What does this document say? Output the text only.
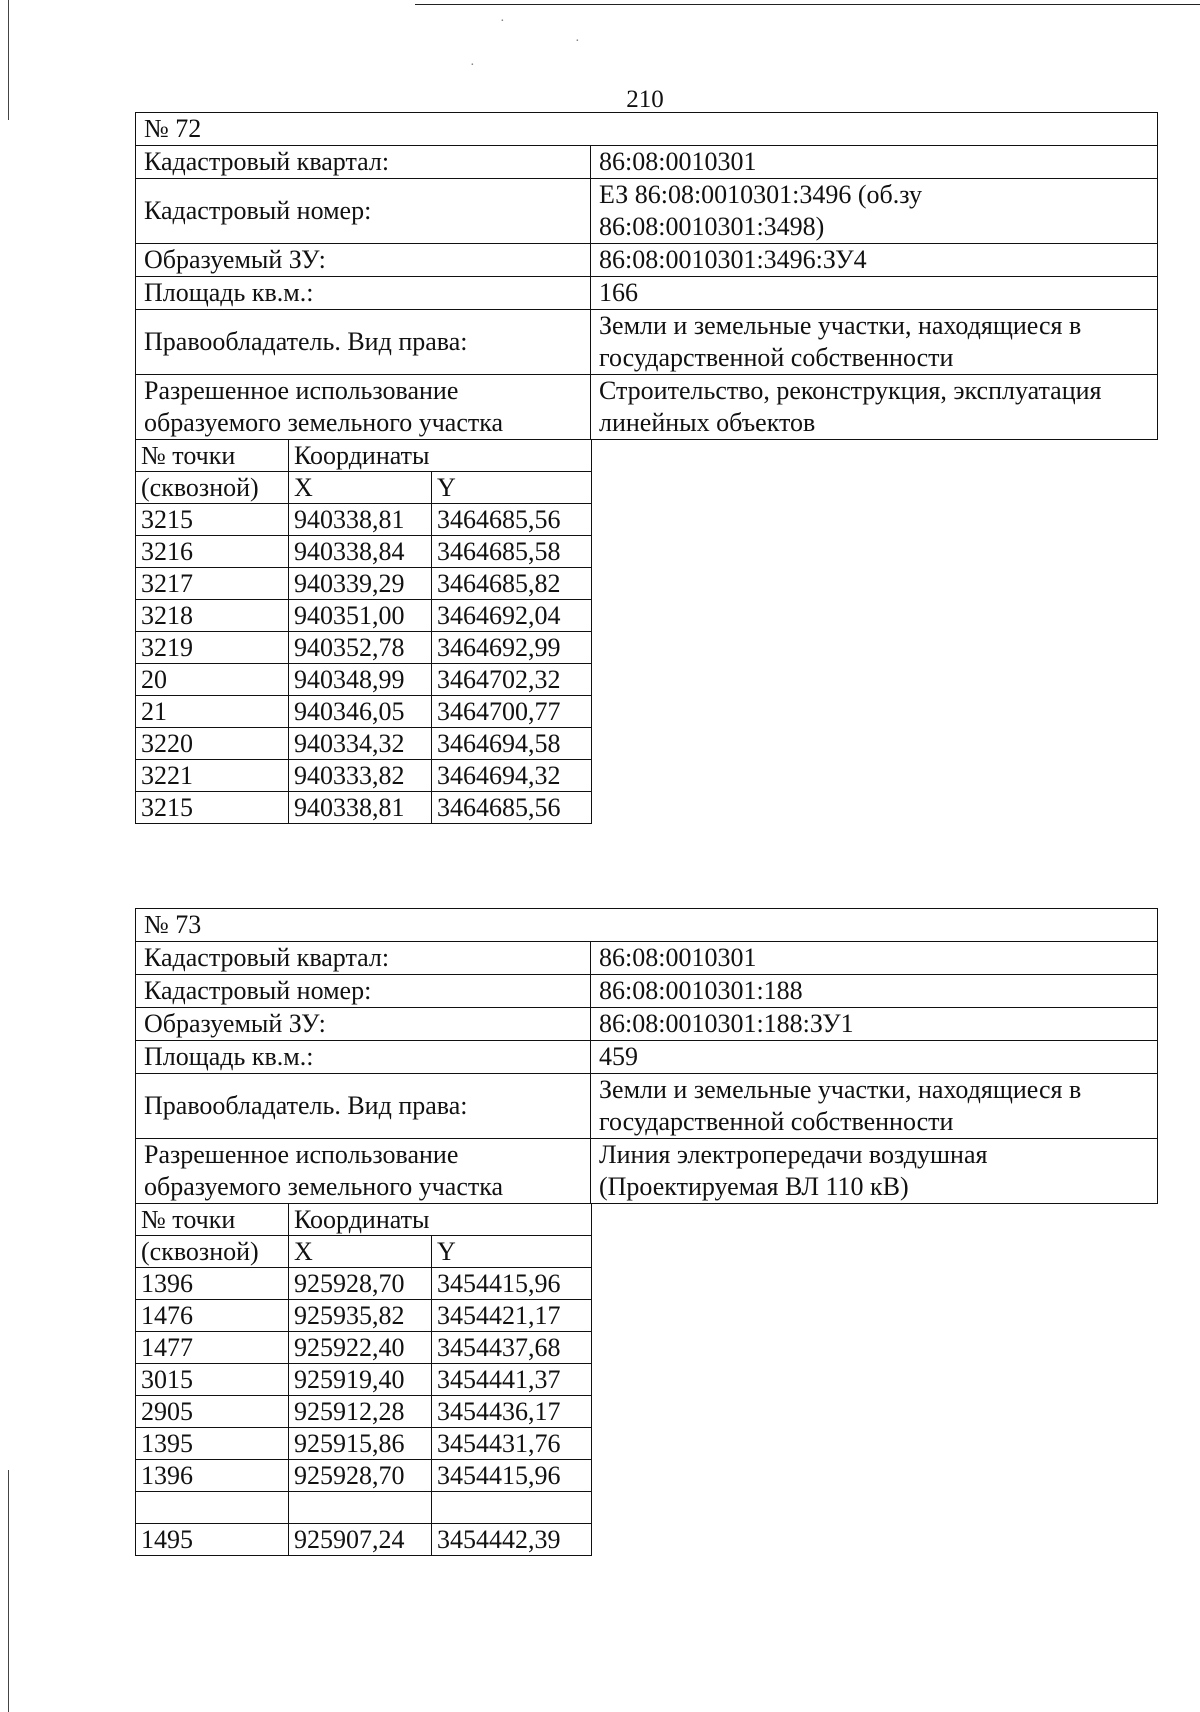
·
·
·
210
№ 72	
Кадастровый квартал:	86:08:0010301
Кадастровый номер:	ЕЗ 86:08:0010301:3496 (об.зу 86:08:0010301:3498)
Образуемый ЗУ:	86:08:0010301:3496:ЗУ4
Площадь кв.м.:	166
Правообладатель. Вид права:	Земли и земельные участки, находящиеся в государственной собственности
Разрешенное использование образуемого земельного участка	Строительство, реконструкция, эксплуатация линейных объектов
№ точки	Координаты	
(сквозной)	X	Y
3215	940338,81	3464685,56
3216	940338,84	3464685,58
3217	940339,29	3464685,82
3218	940351,00	3464692,04
3219	940352,78	3464692,99
20	940348,99	3464702,32
21	940346,05	3464700,77
3220	940334,32	3464694,58
3221	940333,82	3464694,32
3215	940338,81	3464685,56
№ 73	
Кадастровый квартал:	86:08:0010301
Кадастровый номер:	86:08:0010301:188
Образуемый ЗУ:	86:08:0010301:188:ЗУ1
Площадь кв.м.:	459
Правообладатель. Вид права:	Земли и земельные участки, находящиеся в государственной собственности
Разрешенное использование образуемого земельного участка	Линия электропередачи воздушная (Проектируемая ВЛ 110 кВ)
№ точки	Координаты	
(сквозной)	X	Y
1396	925928,70	3454415,96
1476	925935,82	3454421,17
1477	925922,40	3454437,68
3015	925919,40	3454441,37
2905	925912,28	3454436,17
1395	925915,86	3454431,76
1396	925928,70	3454415,96

1495	925907,24	3454442,39
